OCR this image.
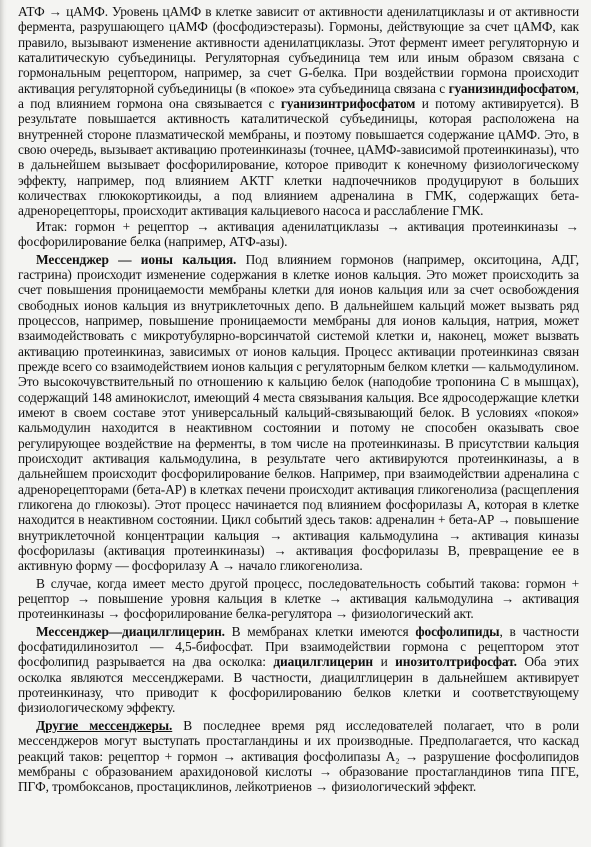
АТФ → цАМФ. Уровень цАМФ в клетке зависит от активности аденилатциклазы и от активности фермента, разрушающего цАМФ (фосфодиэстеразы). Гормоны, действующие за счет цАМФ, как правило, вызывают изменение активности аденилатциклазы. Этот фермент имеет регуляторную и каталитическую субъединицы. Регуляторная субъединица тем или иным образом связана с гормональным рецептором, например, за счет G-белка. При воздействии гормона происходит активация регуляторной субъединицы (в «покое» эта субъединица связана с гуанизиндифосфатом, а под влиянием гормона она связывается с гуанизинтрифосфатом и потому активируется). В результате повышается активность каталитической субъединицы, которая расположена на внутренней стороне плазматической мембраны, и поэтому повышается содержание цАМФ. Это, в свою очередь, вызывает активацию протеинкиназы (точнее, цАМФ-зависимой протеинкиназы), что в дальнейшем вызывает фосфорилирование, которое приводит к конечному физиологическому эффекту, например, под влиянием АКТГ клетки надпочечников продуцируют в больших количествах глюкокортикоиды, а под влиянием адреналина в ГМК, содержащих бета-адренорецепторы, происходит активация кальциевого насоса и расслабление ГМК.

Итак: гормон + рецептор → активация аденилатциклазы → активация протеинкиназы → фосфорилирование белка (например, АТФ-азы).

Мессенджер — ионы кальция. Под влиянием гормонов (например, окситоцина, АДГ, гастрина) происходит изменение содержания в клетке ионов кальция. Это может происходить за счет повышения проницаемости мембраны клетки для ионов кальция или за счет освобождения свободных ионов кальция из внутриклеточных депо. В дальнейшем кальций может вызвать ряд процессов, например, повышение проницаемости мембраны для ионов кальция, натрия, может взаимодействовать с микротубулярно-ворсинчатой системой клетки и, наконец, может вызвать активацию протеинкиназ, зависимых от ионов кальция. Процесс активации протеинкиназ связан прежде всего со взаимодействием ионов кальция с регуляторным белком клетки — кальмодулином. Это высокочувствительный по отношению к кальцию белок (наподобие тропонина С в мышцах), содержащий 148 аминокислот, имеющий 4 места связывания кальция. Все ядросодержащие клетки имеют в своем составе этот универсальный кальций-связывающий белок. В условиях «покоя» кальмодулин находится в неактивном состоянии и потому не способен оказывать свое регулирующее воздействие на ферменты, в том числе на протеинкиназы. В присутствии кальция происходит активация кальмодулина, в результате чего активируются протеинкиназы, а в дальнейшем происходит фосфорилирование белков. Например, при взаимодействии адреналина с адренорецепторами (бета-АР) в клетках печени происходит активация гликогенолиза (расщепления гликогена до глюкозы). Этот процесс начинается под влиянием фосфорилазы А, которая в клетке находится в неактивном состоянии. Цикл событий здесь таков: адреналин + бета-АР → повышение внутриклеточной концентрации кальция → активация кальмодулина → активация киназы фосфорилазы (активация протеинкиназы) → активация фосфорилазы В, превращение ее в активную форму — фосфорилазу А → начало гликогенолиза.

В случае, когда имеет место другой процесс, последовательность событий такова: гормон + рецептор → повышение уровня кальция в клетке → активация кальмодулина → активация протеинкиназы → фосфорилирование белка-регулятора → физиологический акт.

Мессенджер—диацилглицерин. В мембранах клетки имеются фосфолипиды, в частности фосфатидилинозитол — 4,5-бифосфат. При взаимодействии гормона с рецептором этот фосфолипид разрывается на два осколка: диацилглицерин и инозитолтрифосфат. Оба этих осколка являются мессенджерами. В частности, диацилглицерин в дальнейшем активирует протеинкиназу, что приводит к фосфорилированию белков клетки и соответствующему физиологическому эффекту.

Другие мессенджеры. В последнее время ряд исследователей полагает, что в роли мессенджеров могут выступать простагландины и их производные. Предполагается, что каскад реакций таков: рецептор + гормон → активация фосфолипазы А₂ → разрушение фосфолипидов мембраны с образованием арахидоновой кислоты → образование простагландинов типа ПГЕ, ПГФ, тромбоксанов, простациклинов, лейкотриенов → физиологический эффект.
